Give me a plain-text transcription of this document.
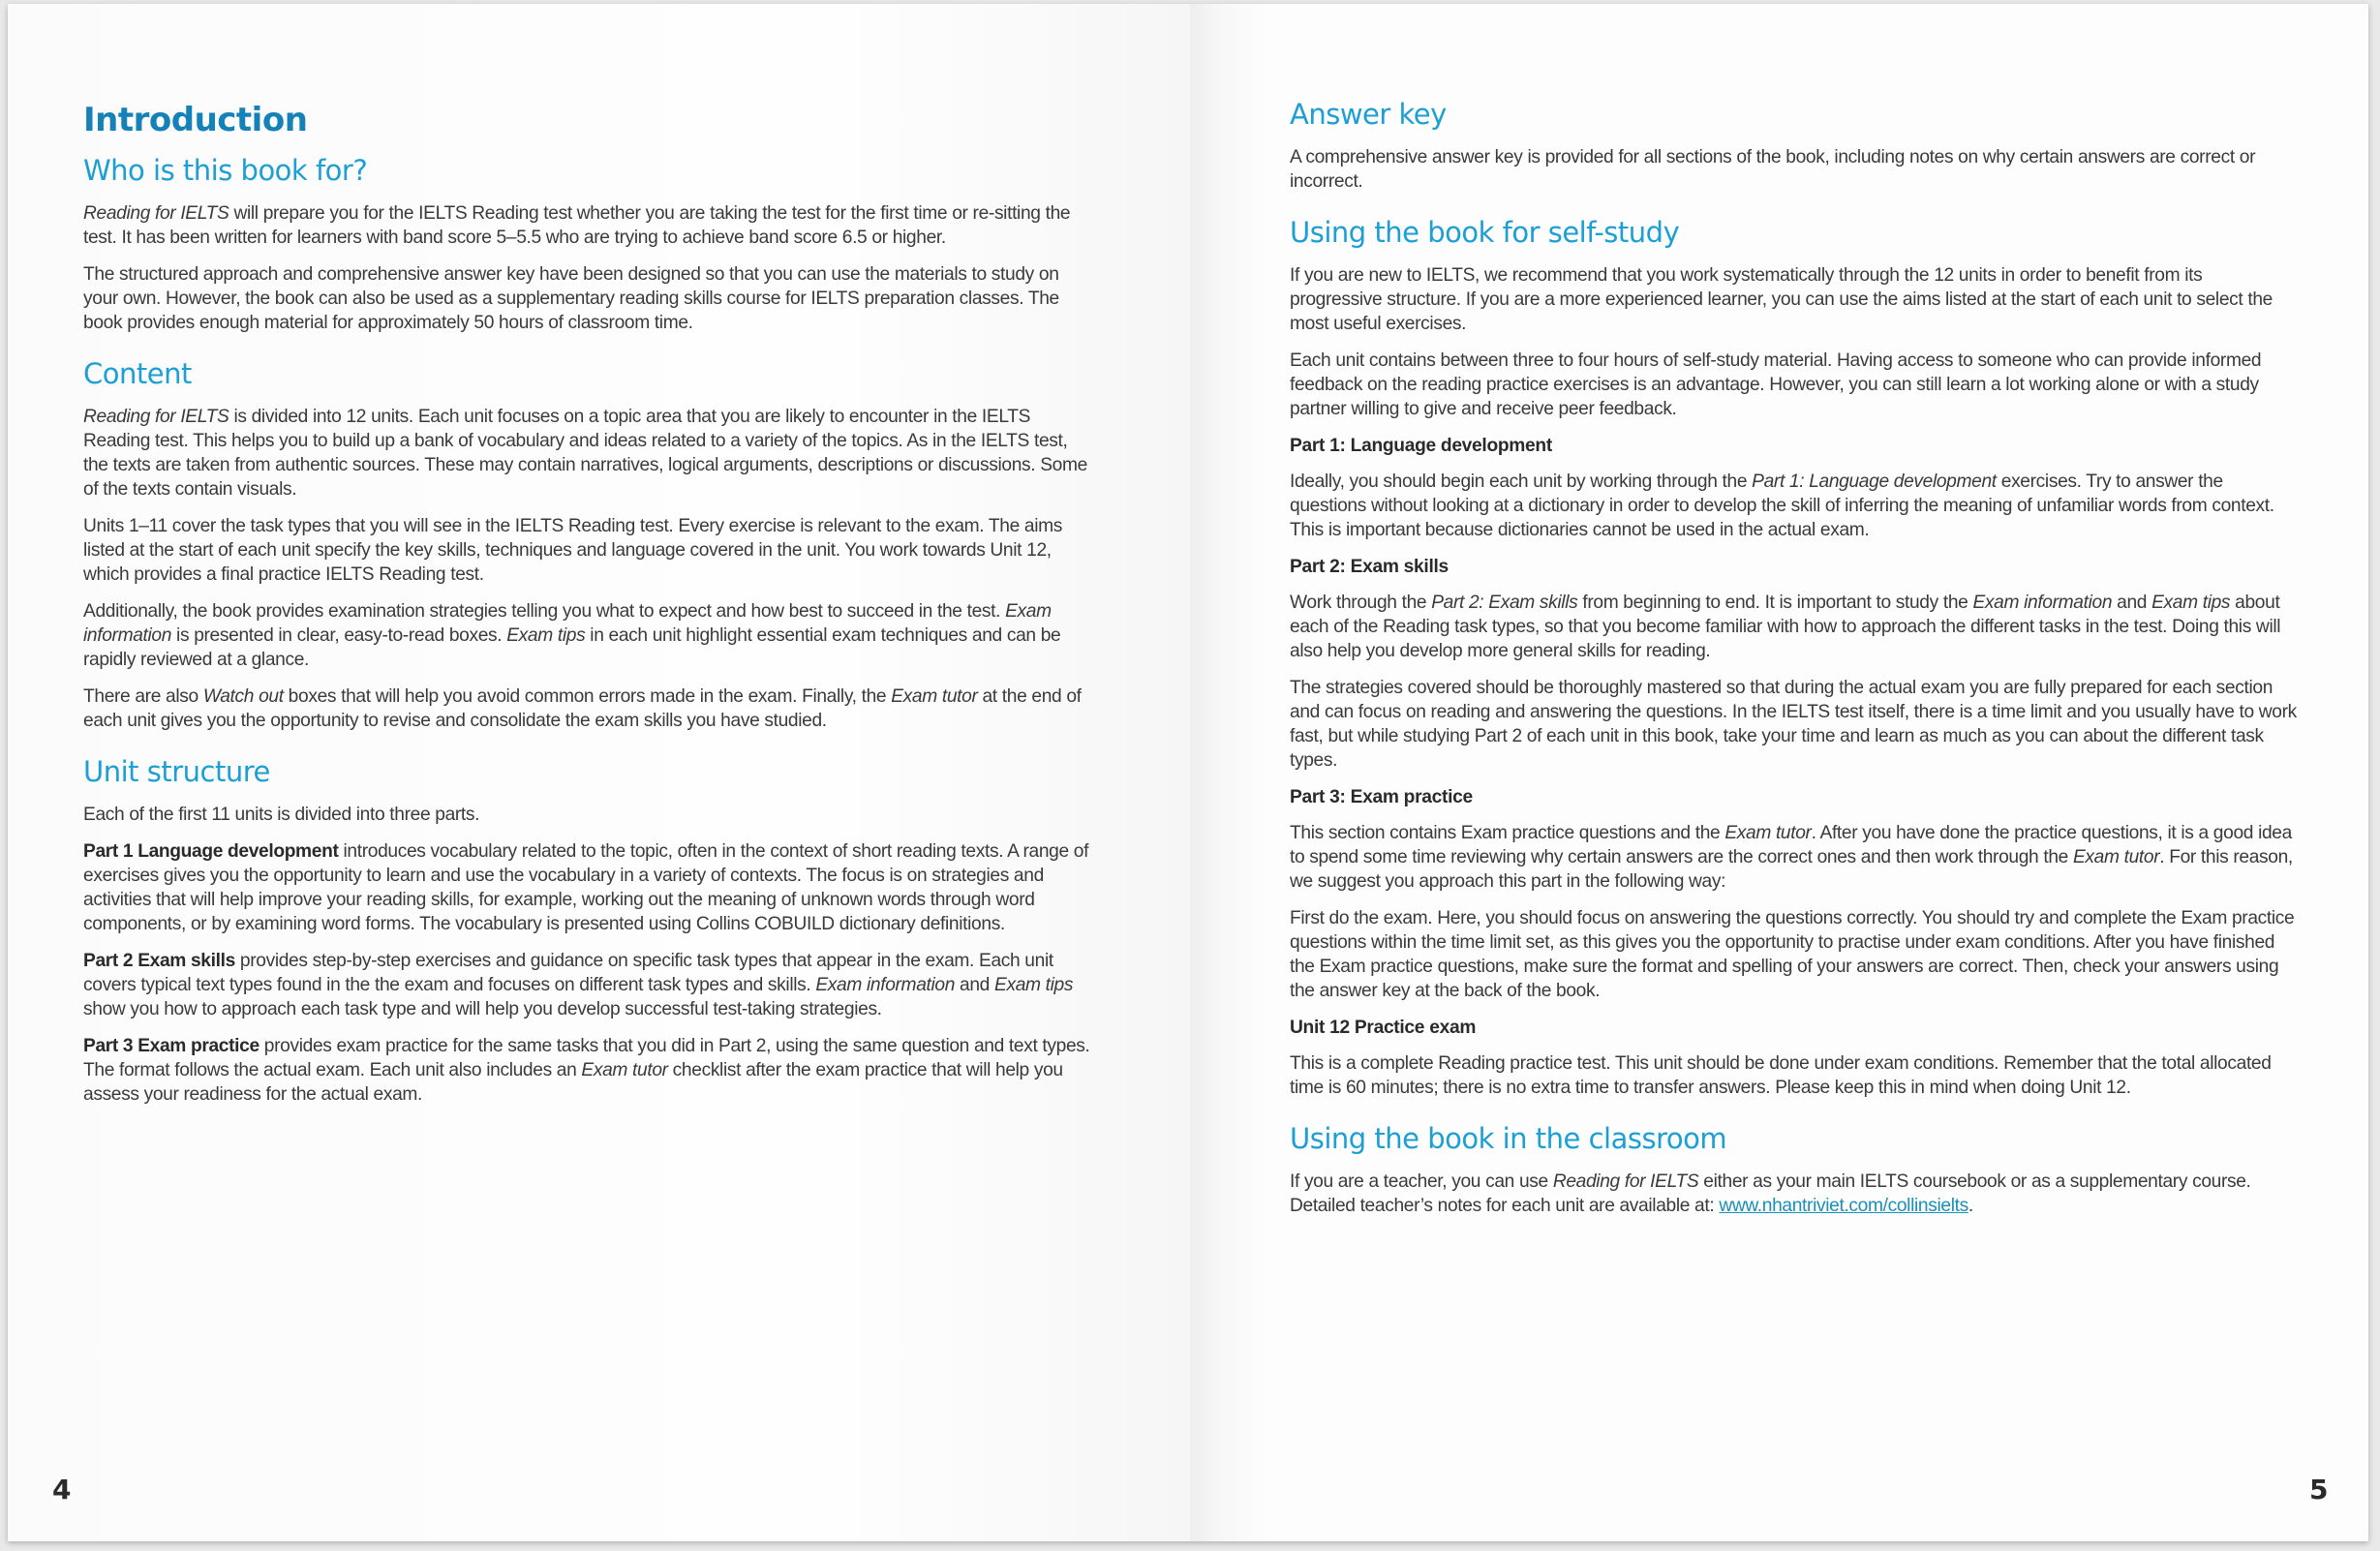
Introduction
Who is this book for?

Reading for IELTS will prepare you for the IELTS Reading test whether you are taking the test for the first time or re-sitting the test. It has been written for learners with band score 5–5.5 who are trying to achieve band score 6.5 or higher.

The structured approach and comprehensive answer key have been designed so that you can use the materials to study on your own. However, the book can also be used as a supplementary reading skills course for IELTS preparation classes. The book provides enough material for approximately 50 hours of classroom time.

Content

Reading for IELTS is divided into 12 units. Each unit focuses on a topic area that you are likely to encounter in the IELTS Reading test. This helps you to build up a bank of vocabulary and ideas related to a variety of the topics. As in the IELTS test, the texts are taken from authentic sources. These may contain narratives, logical arguments, descriptions or discussions. Some of the texts contain visuals.

Units 1–11 cover the task types that you will see in the IELTS Reading test. Every exercise is relevant to the exam. The aims listed at the start of each unit specify the key skills, techniques and language covered in the unit. You work towards Unit 12, which provides a final practice IELTS Reading test.

Additionally, the book provides examination strategies telling you what to expect and how best to succeed in the test. Exam information is presented in clear, easy-to-read boxes. Exam tips in each unit highlight essential exam techniques and can be rapidly reviewed at a glance.

There are also Watch out boxes that will help you avoid common errors made in the exam. Finally, the Exam tutor at the end of each unit gives you the opportunity to revise and consolidate the exam skills you have studied.

Unit structure

Each of the first 11 units is divided into three parts.

Part 1 Language development introduces vocabulary related to the topic, often in the context of short reading texts. A range of exercises gives you the opportunity to learn and use the vocabulary in a variety of contexts. The focus is on strategies and activities that will help improve your reading skills, for example, working out the meaning of unknown words through word components, or by examining word forms. The vocabulary is presented using Collins COBUILD dictionary definitions.

Part 2 Exam skills provides step-by-step exercises and guidance on specific task types that appear in the exam. Each unit covers typical text types found in the the exam and focuses on different task types and skills. Exam information and Exam tips show you how to approach each task type and will help you develop successful test-taking strategies.

Part 3 Exam practice provides exam practice for the same tasks that you did in Part 2, using the same question and text types. The format follows the actual exam. Each unit also includes an Exam tutor checklist after the exam practice that will help you assess your readiness for the actual exam.

4
Answer key

A comprehensive answer key is provided for all sections of the book, including notes on why certain answers are correct or incorrect.

Using the book for self-study

If you are new to IELTS, we recommend that you work systematically through the 12 units in order to benefit from its progressive structure. If you are a more experienced learner, you can use the aims listed at the start of each unit to select the most useful exercises.

Each unit contains between three to four hours of self-study material. Having access to someone who can provide informed feedback on the reading practice exercises is an advantage. However, you can still learn a lot working alone or with a study partner willing to give and receive peer feedback.

Part 1: Language development

Ideally, you should begin each unit by working through the Part 1: Language development exercises. Try to answer the questions without looking at a dictionary in order to develop the skill of inferring the meaning of unfamiliar words from context. This is important because dictionaries cannot be used in the actual exam.

Part 2: Exam skills

Work through the Part 2: Exam skills from beginning to end. It is important to study the Exam information and Exam tips about each of the Reading task types, so that you become familiar with how to approach the different tasks in the test. Doing this will also help you develop more general skills for reading.

The strategies covered should be thoroughly mastered so that during the actual exam you are fully prepared for each section and can focus on reading and answering the questions. In the IELTS test itself, there is a time limit and you usually have to work fast, but while studying Part 2 of each unit in this book, take your time and learn as much as you can about the different task types.

Part 3: Exam practice

This section contains Exam practice questions and the Exam tutor. After you have done the practice questions, it is a good idea to spend some time reviewing why certain answers are the correct ones and then work through the Exam tutor. For this reason, we suggest you approach this part in the following way:

First do the exam. Here, you should focus on answering the questions correctly. You should try and complete the Exam practice questions within the time limit set, as this gives you the opportunity to practise under exam conditions. After you have finished the Exam practice questions, make sure the format and spelling of your answers are correct. Then, check your answers using the answer key at the back of the book.

Unit 12 Practice exam

This is a complete Reading practice test. This unit should be done under exam conditions. Remember that the total allocated time is 60 minutes; there is no extra time to transfer answers. Please keep this in mind when doing Unit 12.

Using the book in the classroom

If you are a teacher, you can use Reading for IELTS either as your main IELTS coursebook or as a supplementary course. Detailed teacher’s notes for each unit are available at: www.nhantriviet.com/collinsielts.

5
